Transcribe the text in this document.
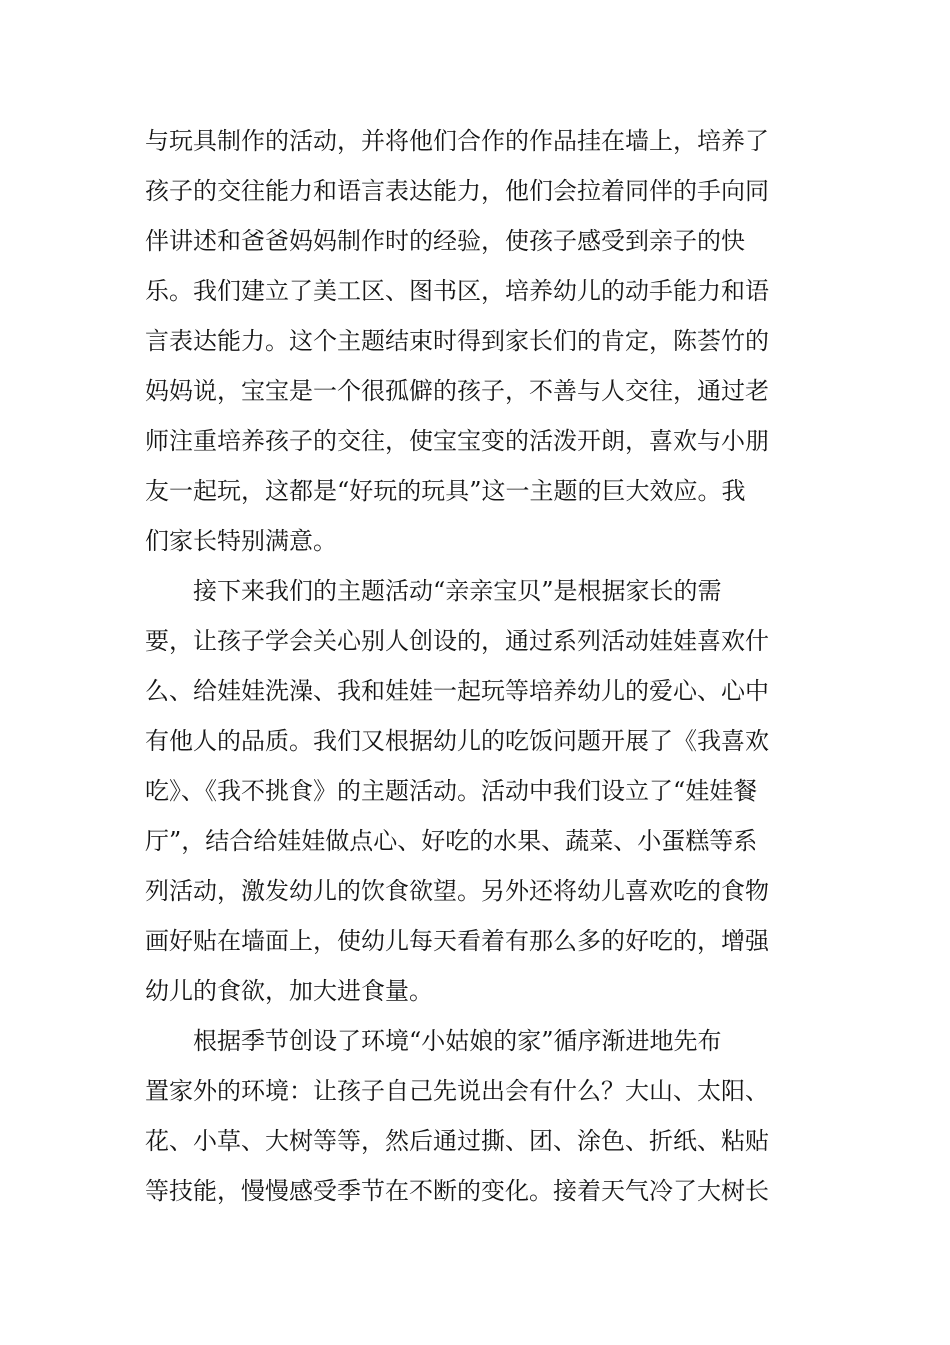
与玩具制作的活动，并将他们合作的作品挂在墙上，培养了
孩子的交往能力和语言表达能力，他们会拉着同伴的手向同
伴讲述和爸爸妈妈制作时的经验，使孩子感受到亲子的快
乐。我们建立了美工区、图书区，培养幼儿的动手能力和语
言表达能力。这个主题结束时得到家长们的肯定，陈荟竹的
妈妈说，宝宝是一个很孤僻的孩子，不善与人交往，通过老
师注重培养孩子的交往，使宝宝变的活泼开朗，喜欢与小朋
友一起玩，这都是“好玩的玩具”这一主题的巨大效应。我
们家长特别满意。
接下来我们的主题活动“亲亲宝贝”是根据家长的需
要，让孩子学会关心别人创设的，通过系列活动娃娃喜欢什
么、给娃娃洗澡、我和娃娃一起玩等培养幼儿的爱心、心中
有他人的品质。我们又根据幼儿的吃饭问题开展了《我喜欢
吃》、《我不挑食》的主题活动。活动中我们设立了“娃娃餐
厅”，结合给娃娃做点心、好吃的水果、蔬菜、小蛋糕等系
列活动，激发幼儿的饮食欲望。另外还将幼儿喜欢吃的食物
画好贴在墙面上，使幼儿每天看着有那么多的好吃的，增强
幼儿的食欲，加大进食量。
根据季节创设了环境“小姑娘的家”循序渐进地先布
置家外的环境：让孩子自己先说出会有什么？大山、太阳、
花、小草、大树等等，然后通过撕、团、涂色、折纸、粘贴
等技能，慢慢感受季节在不断的变化。接着天气冷了大树长
